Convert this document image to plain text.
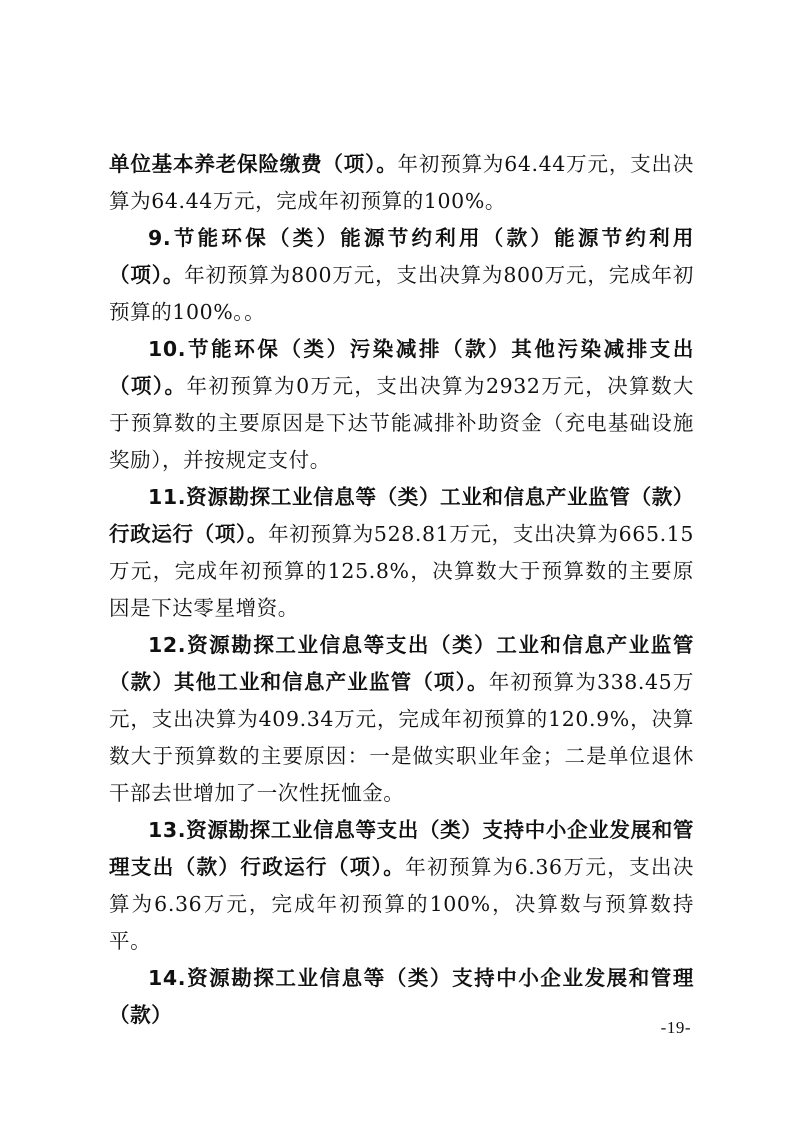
单位基本养老保险缴费（项）。年初预算为64.44万元，支出决算为64.44万元，完成年初预算的100%。

9.节能环保（类）能源节约利用（款）能源节约利用（项）。年初预算为800万元，支出决算为800万元，完成年初预算的100%。。

10.节能环保（类）污染减排（款）其他污染减排支出（项）。年初预算为0万元，支出决算为2932万元，决算数大于预算数的主要原因是下达节能减排补助资金（充电基础设施奖励），并按规定支付。

11.资源勘探工业信息等（类）工业和信息产业监管（款）行政运行（项）。年初预算为528.81万元，支出决算为665.15万元，完成年初预算的125.8%，决算数大于预算数的主要原因是下达零星增资。

12.资源勘探工业信息等支出（类）工业和信息产业监管（款）其他工业和信息产业监管（项）。年初预算为338.45万元，支出决算为409.34万元，完成年初预算的120.9%，决算数大于预算数的主要原因：一是做实职业年金；二是单位退休干部去世增加了一次性抚恤金。

13.资源勘探工业信息等支出（类）支持中小企业发展和管理支出（款）行政运行（项）。年初预算为6.36万元，支出决算为6.36万元，完成年初预算的100%，决算数与预算数持平。

14.资源勘探工业信息等（类）支持中小企业发展和管理（款）

-19-
